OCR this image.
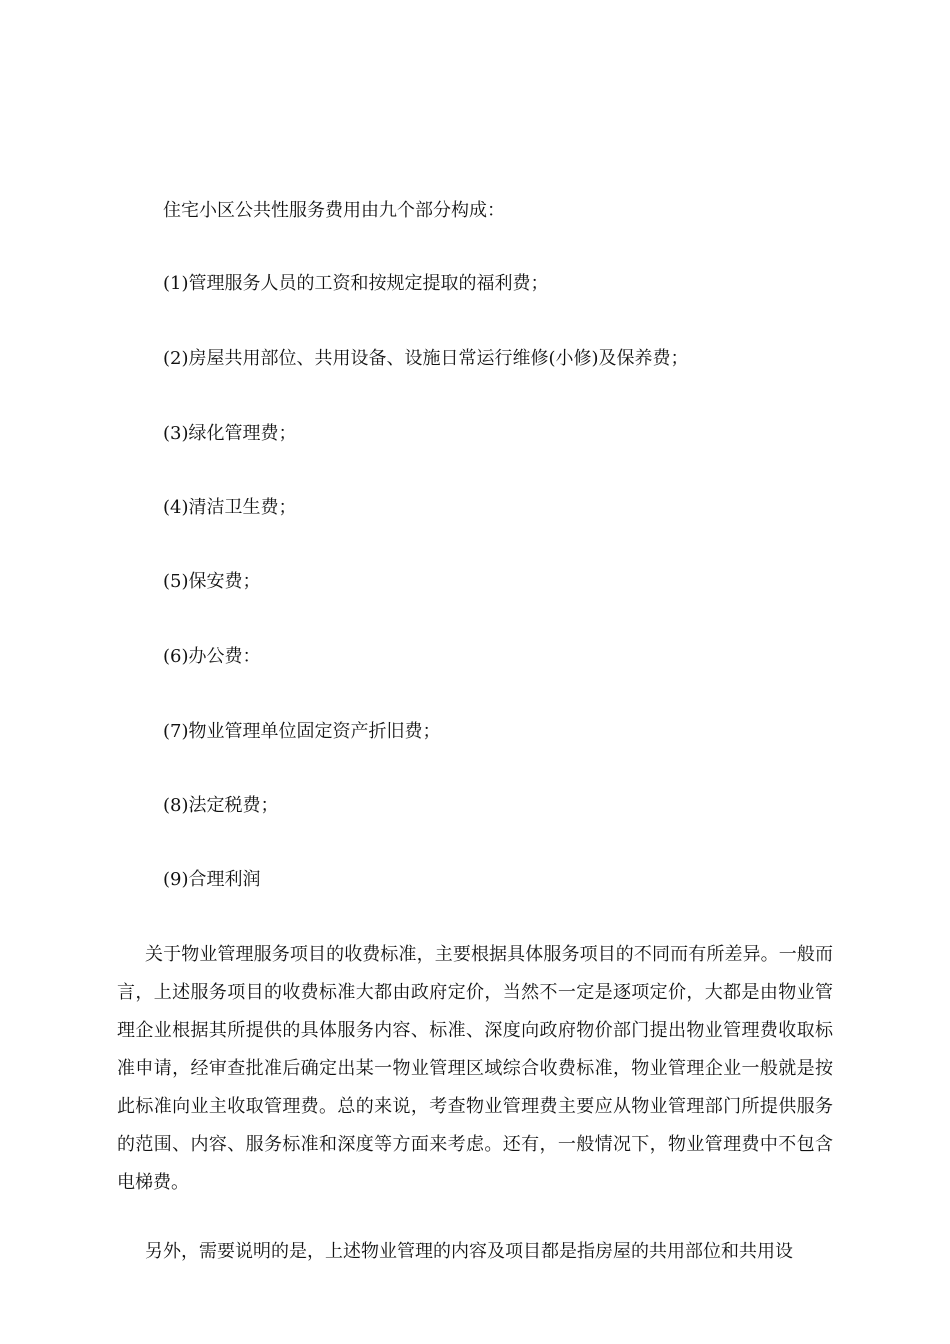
住宅小区公共性服务费用由九个部分构成：
(1)管理服务人员的工资和按规定提取的福利费；
(2)房屋共用部位、共用设备、设施日常运行维修(小修)及保养费；
(3)绿化管理费；
(4)清洁卫生费；
(5)保安费；
(6)办公费：
(7)物业管理单位固定资产折旧费；
(8)法定税费；
(9)合理利润

关于物业管理服务项目的收费标准，主要根据具体服务项目的不同而有所差异。一般而言，上述服务项目的收费标准大都由政府定价，当然不一定是逐项定价，大都是由物业管理企业根据其所提供的具体服务内容、标准、深度向政府物价部门提出物业管理费收取标准申请，经审查批准后确定出某一物业管理区域综合收费标准，物业管理企业一般就是按此标准向业主收取管理费。总的来说，考查物业管理费主要应从物业管理部门所提供服务的范围、内容、服务标准和深度等方面来考虑。还有，一般情况下，物业管理费中不包含电梯费。

另外，需要说明的是，上述物业管理的内容及项目都是指房屋的共用部位和共用设
